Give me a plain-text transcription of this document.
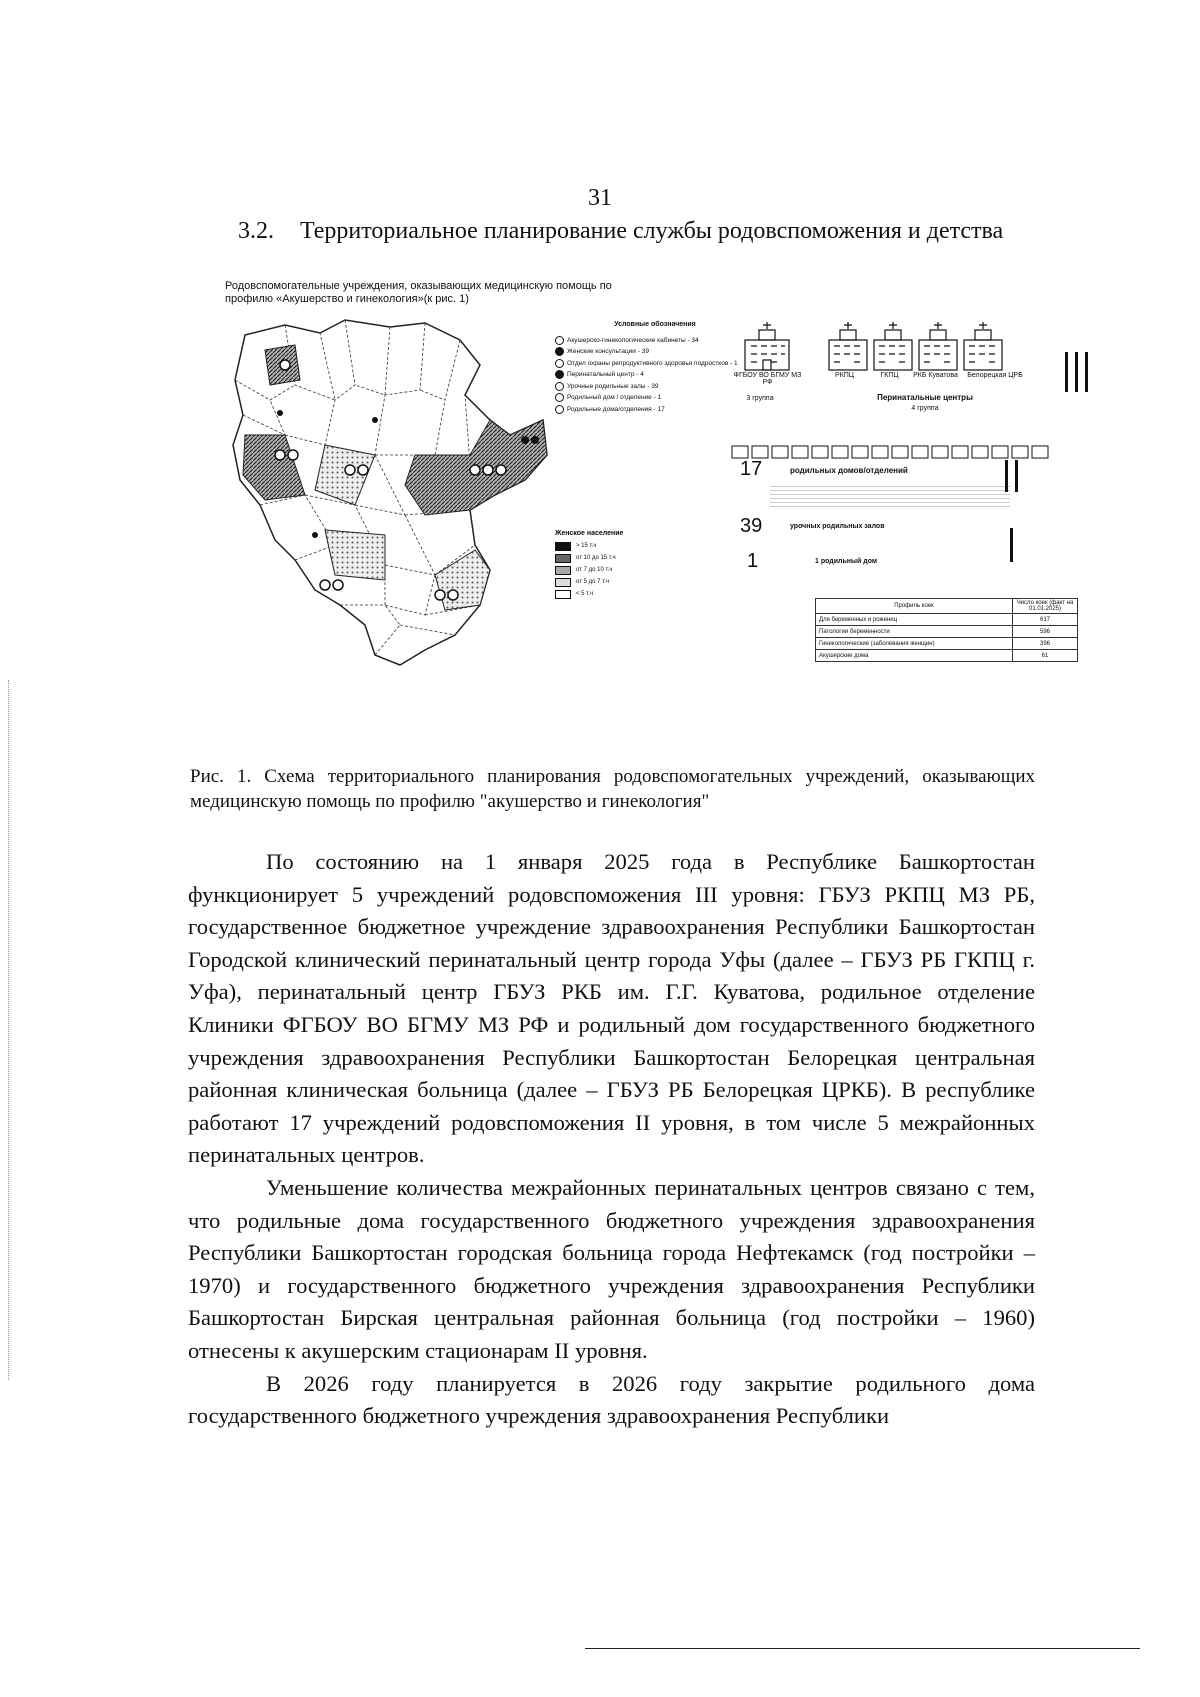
31
3.2. Территориальное планирование службы родовспоможения и детства
Родовспомогательные учреждения, оказывающих медицинскую помощь по профилю «Акушерство и гинекология»(к рис. 1)
Условные обозначения
Акушерско-гинекологические кабинеты - 34
Женские консультации - 39
Отдел охраны репродуктивного здоровья подростков - 1
Перинатальный центр - 4
Урочные родильные залы - 39
Родильный дом / отделение - 1
Родильные дома/отделения - 17
Женское население
> 15 т.ч
от 10 до 15 т.ч
от 7 до 10 т.ч
от 5 до 7 т.ч
< 5 т.ч
ФГБОУ ВО БГМУ МЗ РФ
РКПЦ	ГКПЦ	РКБ Куватова	Белорецкая ЦРБ
3 группа	Перинатальные центры
4 группа
17	родильных домов/отделений
39	урочных родильных залов
1	1 родильный дом
Профиль коек	Число коек (факт на 01.01.2025)
Для беременных и рожениц	617
Патологии беременности	596
Гинекологические (заболевания женщин)	396
Акушерские дома	61
Рис. 1. Схема территориального планирования родовспомогательных учреждений, оказывающих медицинскую помощь по профилю "акушерство и гинекология"

По состоянию на 1 января 2025 года в Республике Башкортостан функционирует 5 учреждений родовспоможения III уровня: ГБУЗ РКПЦ МЗ РБ, государственное бюджетное учреждение здравоохранения Республики Башкортостан Городской клинический перинатальный центр города Уфы (далее – ГБУЗ РБ ГКПЦ г. Уфа), перинатальный центр ГБУЗ РКБ им. Г.Г. Куватова, родильное отделение Клиники ФГБОУ ВО БГМУ МЗ РФ и родильный дом государственного бюджетного учреждения здравоохранения Республики Башкортостан Белорецкая центральная районная клиническая больница (далее – ГБУЗ РБ Белорецкая ЦРКБ). В республике работают 17 учреждений родовспоможения II уровня, в том числе 5 межрайонных перинатальных центров.

Уменьшение количества межрайонных перинатальных центров связано с тем, что родильные дома государственного бюджетного учреждения здравоохранения Республики Башкортостан городская больница города Нефтекамск (год постройки – 1970) и государственного бюджетного учреждения здравоохранения Республики Башкортостан Бирская центральная районная больница (год постройки – 1960) отнесены к акушерским стационарам II уровня.

В 2026 году планируется в 2026 году закрытие родильного дома государственного бюджетного учреждения здравоохранения Республики
